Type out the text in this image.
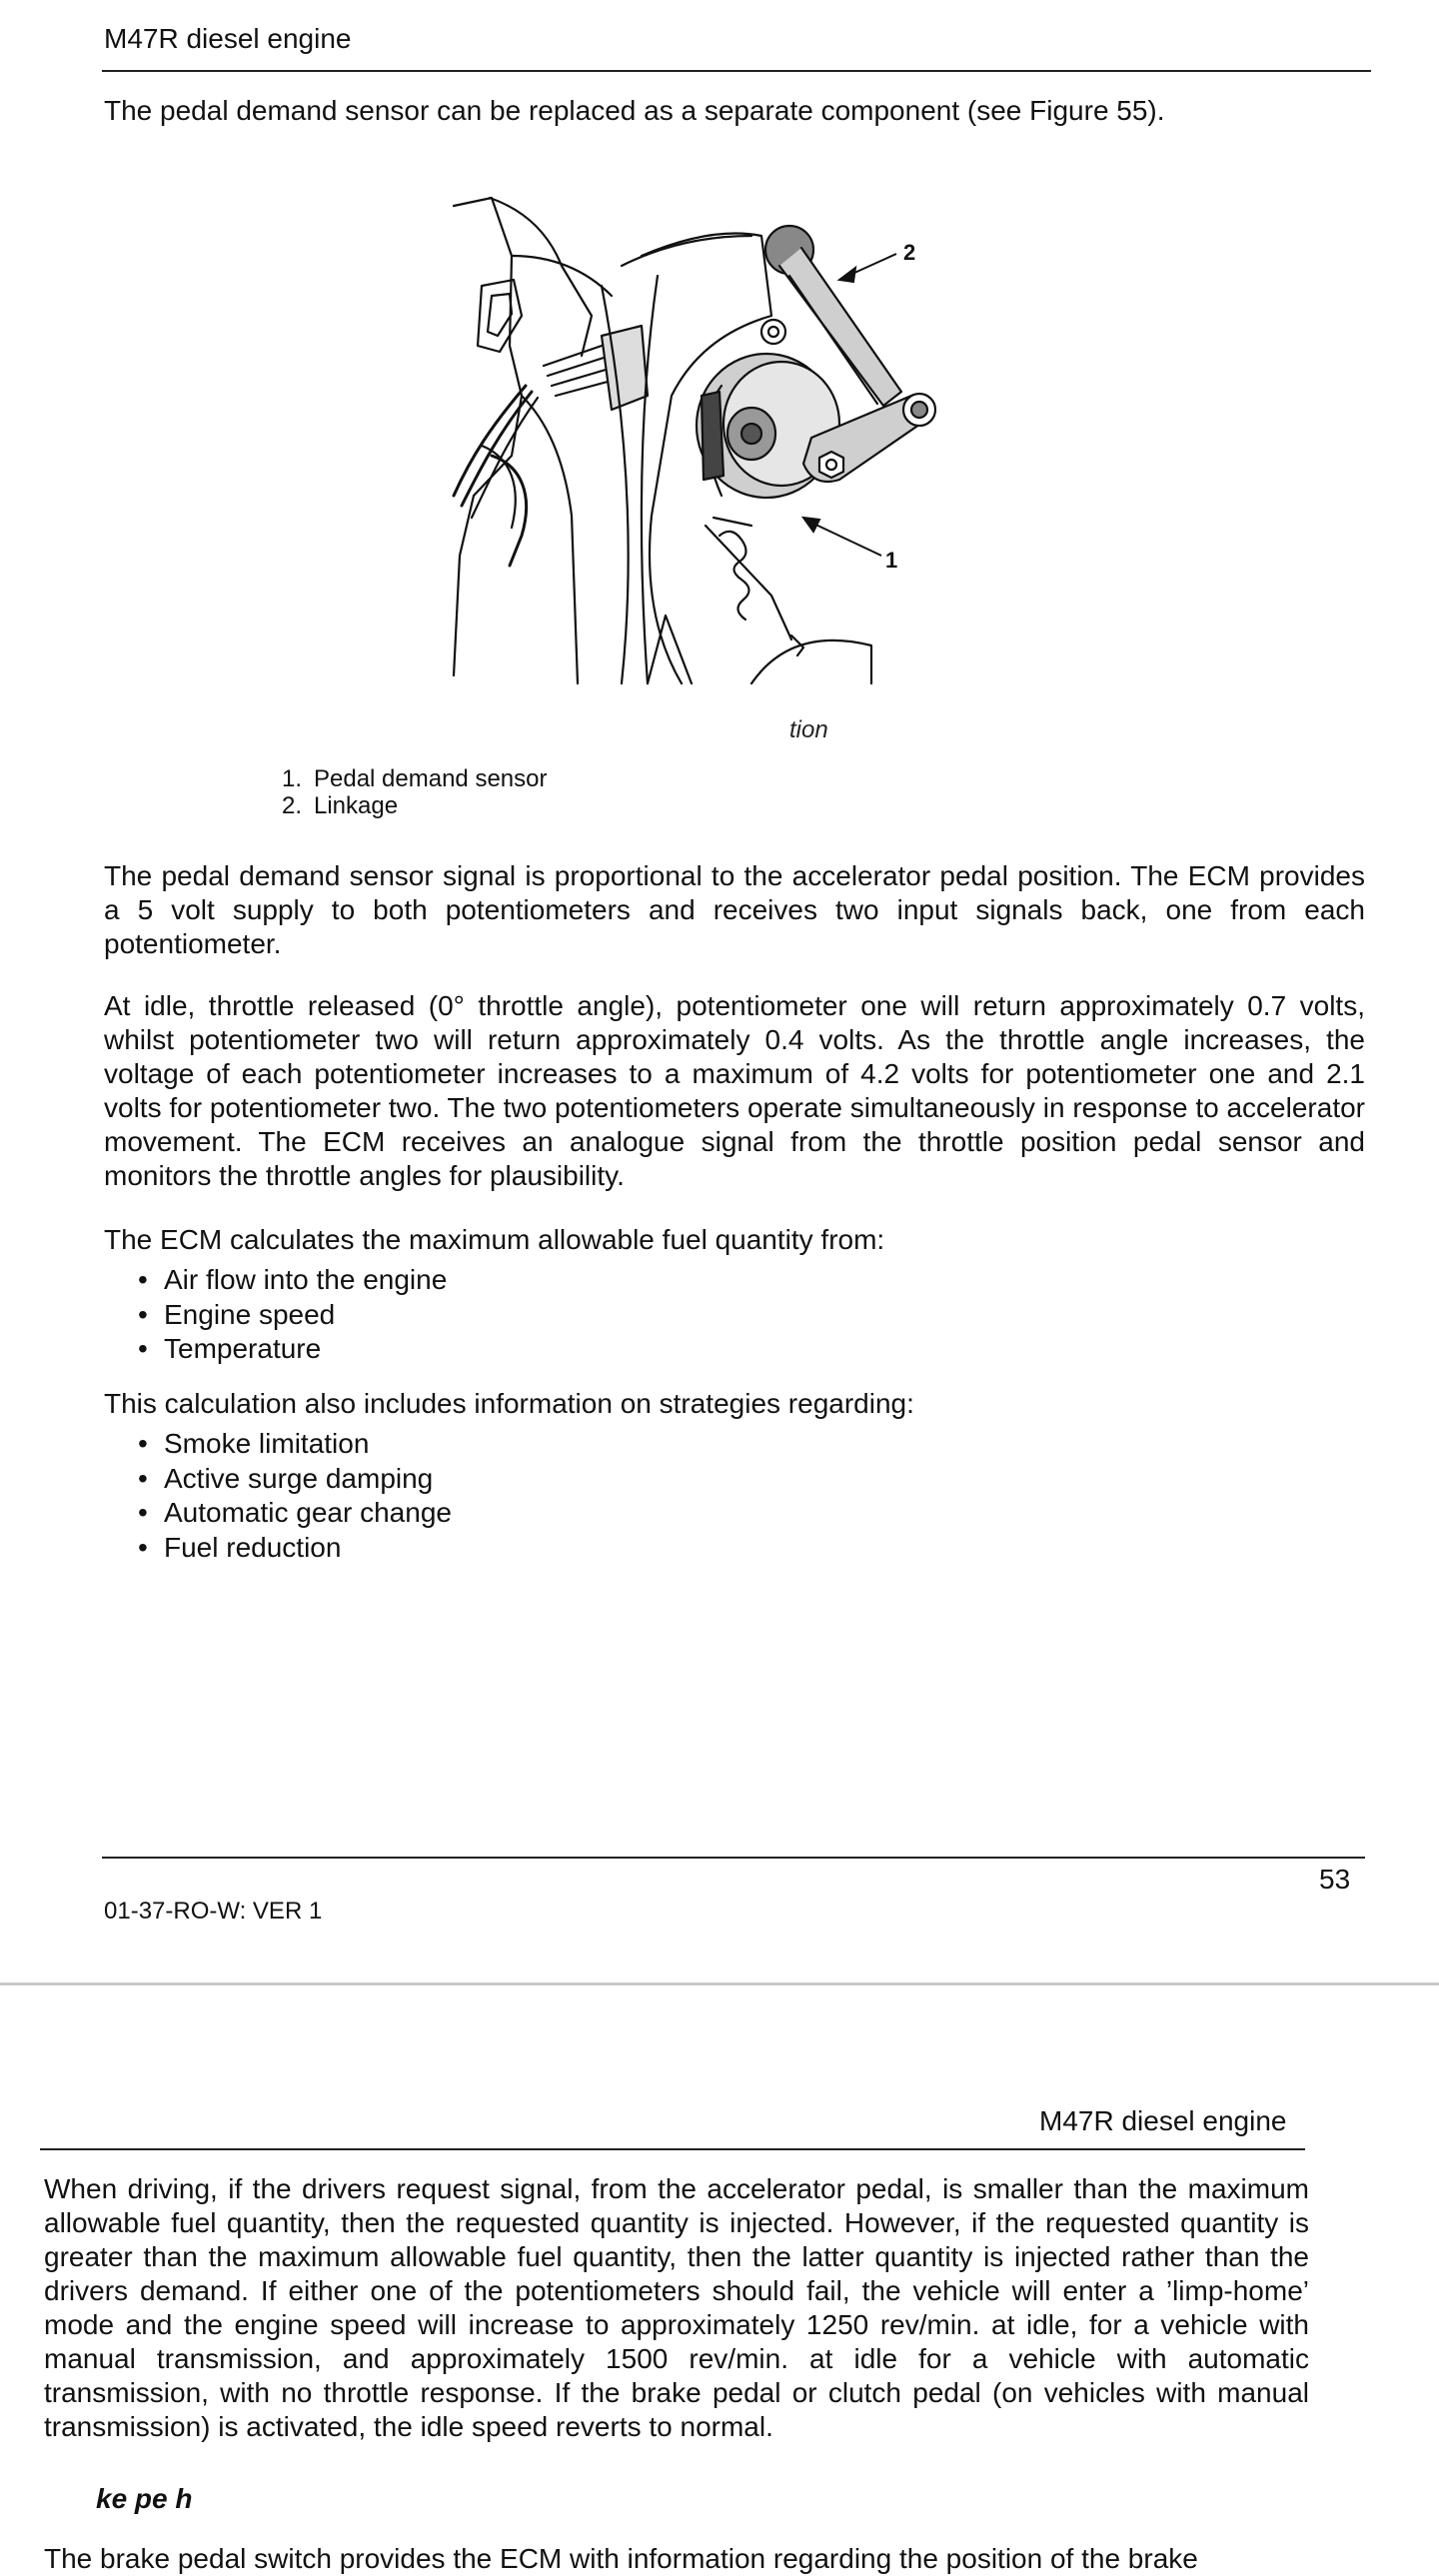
M47R diesel engine
The pedal demand sensor can be replaced as a separate component (see Figure 55).
2
1
tion
1. Pedal demand sensor
2. Linkage
The pedal demand sensor signal is proportional to the accelerator pedal position. The ECM provides a 5 volt supply to both potentiometers and receives two input signals back, one from each potentiometer.
At idle, throttle released (0° throttle angle), potentiometer one will return approximately 0.7 volts, whilst potentiometer two will return approximately 0.4 volts. As the throttle angle increases, the voltage of each potentiometer increases to a maximum of 4.2 volts for potentiometer one and 2.1 volts for potentiometer two. The two potentiometers operate simultaneously in response to accelerator movement. The ECM receives an analogue signal from the throttle position pedal sensor and monitors the throttle angles for plausibility.
The ECM calculates the maximum allowable fuel quantity from:
• Air flow into the engine
• Engine speed
• Temperature
This calculation also includes information on strategies regarding:
• Smoke limitation
• Active surge damping
• Automatic gear change
• Fuel reduction
53
01-37-RO-W: VER 1
M47R diesel engine
When driving, if the drivers request signal, from the accelerator pedal, is smaller than the maximum allowable fuel quantity, then the requested quantity is injected. However, if the requested quantity is greater than the maximum allowable fuel quantity, then the latter quantity is injected rather than the drivers demand. If either one of the potentiometers should fail, the vehicle will enter a ’limp-home’ mode and the engine speed will increase to approximately 1250 rev/min. at idle, for a vehicle with manual transmission, and approximately 1500 rev/min. at idle for a vehicle with automatic transmission, with no throttle response. If the brake pedal or clutch pedal (on vehicles with manual transmission) is activated, the idle speed reverts to normal.
ke pe h
The brake pedal switch provides the ECM with information regarding the position of the brake
